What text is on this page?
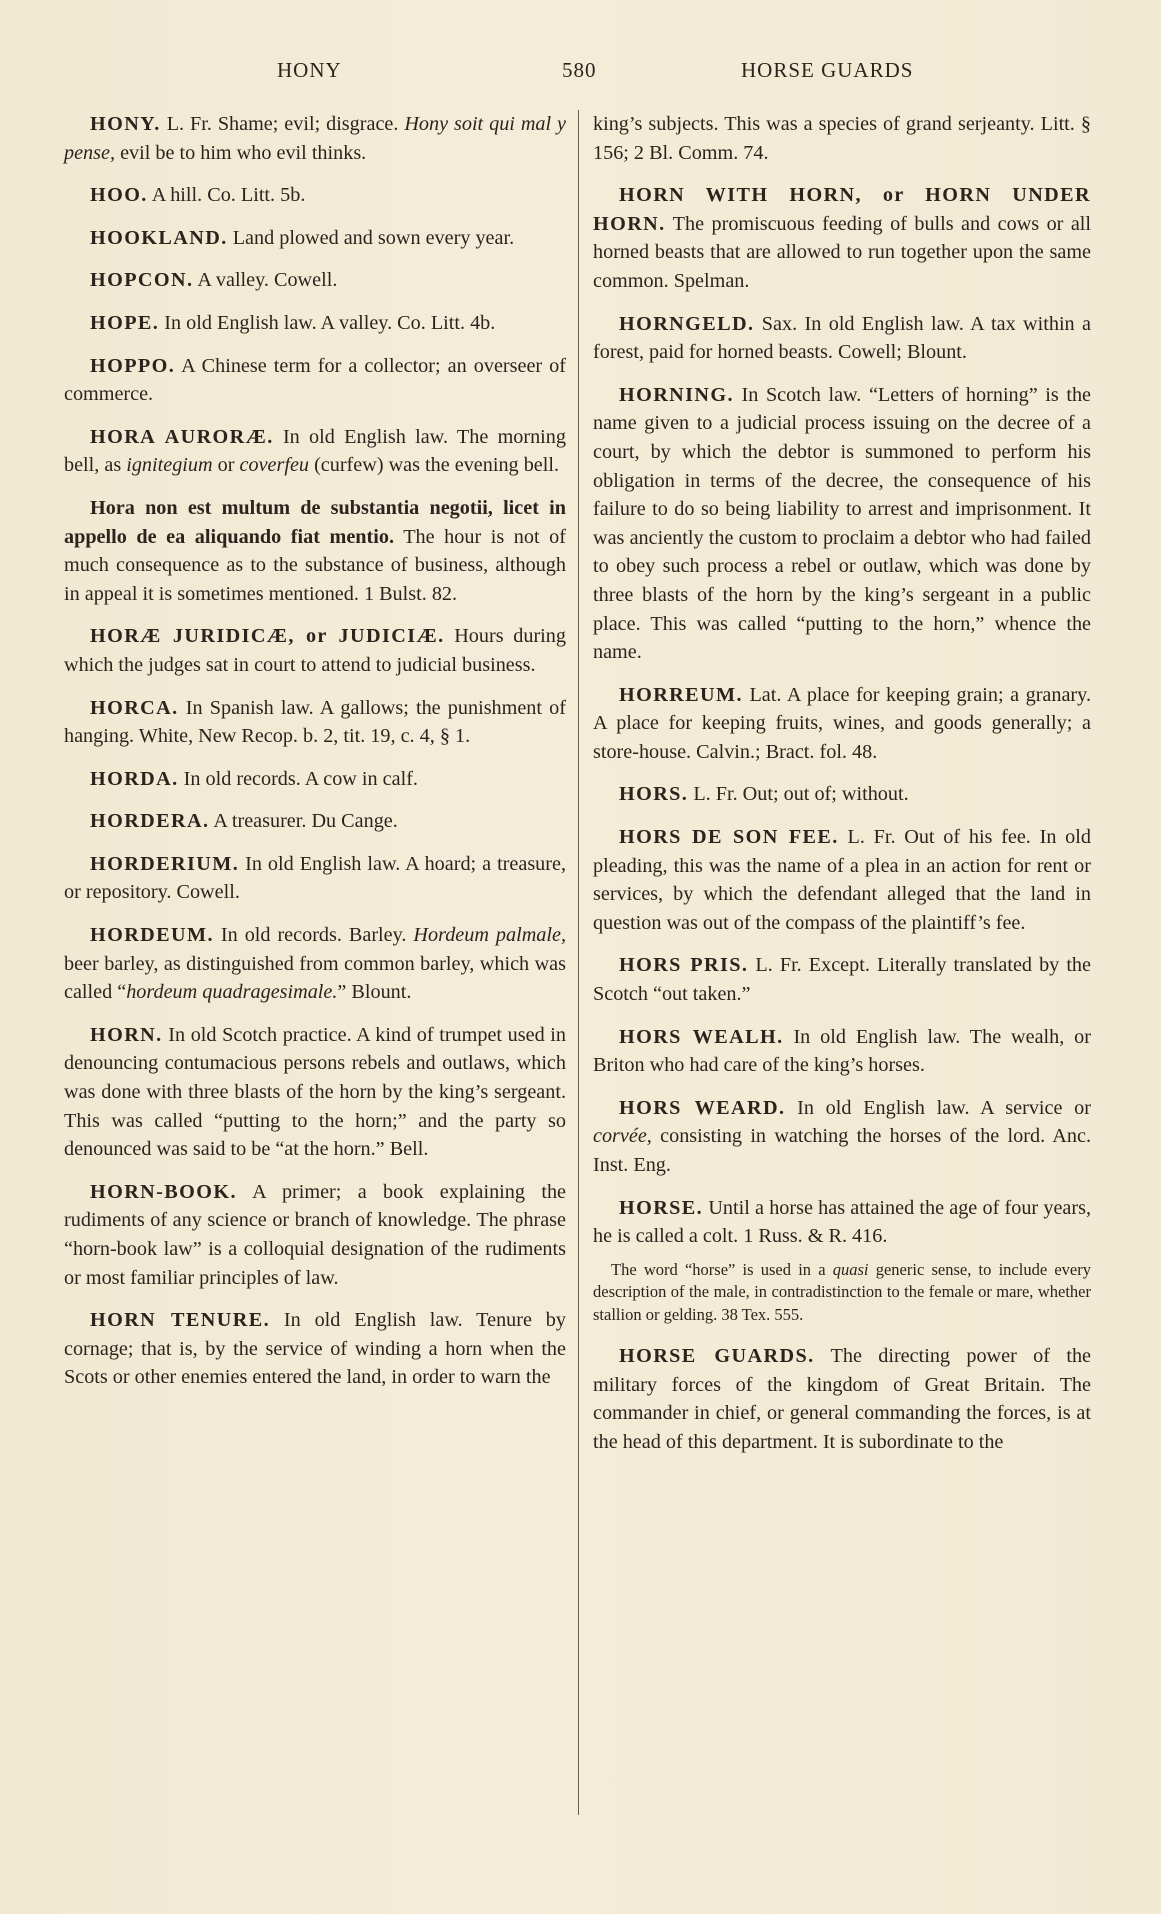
HONY	580	HORSE GUARDS

HONY. L. Fr. Shame; evil; disgrace. Hony soit qui mal y pense, evil be to him who evil thinks.

HOO. A hill. Co. Litt. 5b.

HOOKLAND. Land plowed and sown every year.

HOPCON. A valley. Cowell.

HOPE. In old English law. A valley. Co. Litt. 4b.

HOPPO. A Chinese term for a collector; an overseer of commerce.

HORA AURORÆ. In old English law. The morning bell, as ignitegium or coverfeu (curfew) was the evening bell.

Hora non est multum de substantia negotii, licet in appello de ea aliquando fiat mentio. The hour is not of much consequence as to the substance of business, although in appeal it is sometimes mentioned. 1 Bulst. 82.

HORÆ JURIDICÆ, or JUDICIÆ. Hours during which the judges sat in court to attend to judicial business.

HORCA. In Spanish law. A gallows; the punishment of hanging. White, New Recop. b. 2, tit. 19, c. 4, § 1.

HORDA. In old records. A cow in calf.

HORDERA. A treasurer. Du Cange.

HORDERIUM. In old English law. A hoard; a treasure, or repository. Cowell.

HORDEUM. In old records. Barley. Hordeum palmale, beer barley, as distinguished from common barley, which was called “hordeum quadragesimale.” Blount.

HORN. In old Scotch practice. A kind of trumpet used in denouncing contumacious persons rebels and outlaws, which was done with three blasts of the horn by the king’s sergeant. This was called “putting to the horn;” and the party so denounced was said to be “at the horn.” Bell.

HORN-BOOK. A primer; a book explaining the rudiments of any science or branch of knowledge. The phrase “horn-book law” is a colloquial designation of the rudiments or most familiar principles of law.

HORN TENURE. In old English law. Tenure by cornage; that is, by the service of winding a horn when the Scots or other enemies entered the land, in order to warn the

king’s subjects. This was a species of grand serjeanty. Litt. § 156; 2 Bl. Comm. 74.

HORN WITH HORN, or HORN UNDER HORN. The promiscuous feeding of bulls and cows or all horned beasts that are allowed to run together upon the same common. Spelman.

HORNGELD. Sax. In old English law. A tax within a forest, paid for horned beasts. Cowell; Blount.

HORNING. In Scotch law. “Letters of horning” is the name given to a judicial process issuing on the decree of a court, by which the debtor is summoned to perform his obligation in terms of the decree, the consequence of his failure to do so being liability to arrest and imprisonment. It was anciently the custom to proclaim a debtor who had failed to obey such process a rebel or outlaw, which was done by three blasts of the horn by the king’s sergeant in a public place. This was called “putting to the horn,” whence the name.

HORREUM. Lat. A place for keeping grain; a granary. A place for keeping fruits, wines, and goods generally; a store-house. Calvin.; Bract. fol. 48.

HORS. L. Fr. Out; out of; without.

HORS DE SON FEE. L. Fr. Out of his fee. In old pleading, this was the name of a plea in an action for rent or services, by which the defendant alleged that the land in question was out of the compass of the plaintiff’s fee.

HORS PRIS. L. Fr. Except. Literally translated by the Scotch “out taken.”

HORS WEALH. In old English law. The wealh, or Briton who had care of the king’s horses.

HORS WEARD. In old English law. A service or corvée, consisting in watching the horses of the lord. Anc. Inst. Eng.

HORSE. Until a horse has attained the age of four years, he is called a colt. 1 Russ. & R. 416.

The word “horse” is used in a quasi generic sense, to include every description of the male, in contradistinction to the female or mare, whether stallion or gelding. 38 Tex. 555.

HORSE GUARDS. The directing power of the military forces of the kingdom of Great Britain. The commander in chief, or general commanding the forces, is at the head of this department. It is subordinate to the
